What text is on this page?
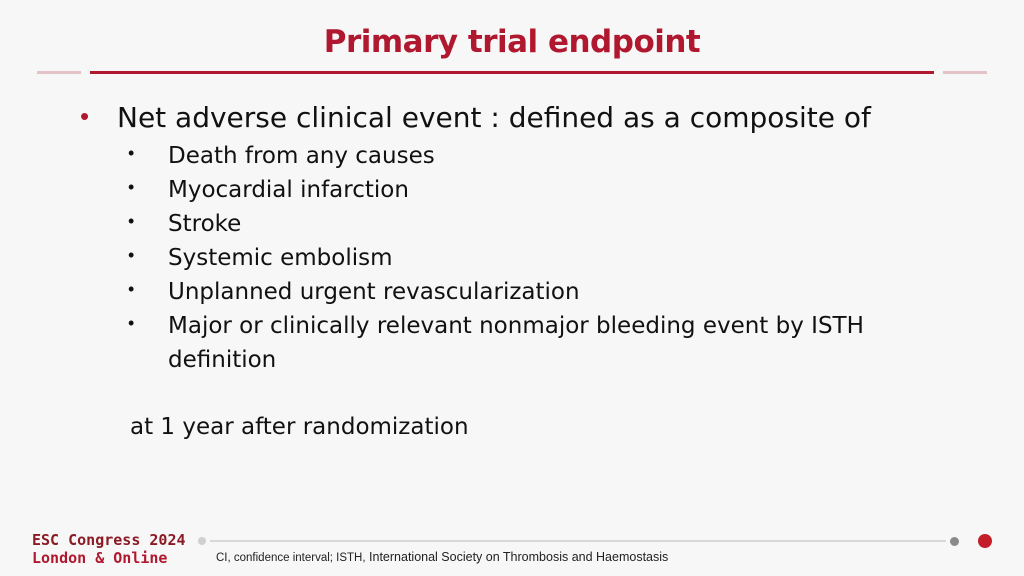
Primary trial endpoint
• Net adverse clinical event : defined as a composite of
• Death from any causes
• Myocardial infarction
• Stroke
• Systemic embolism
• Unplanned urgent revascularization
• Major or clinically relevant nonmajor bleeding event by ISTH
definition
at 1 year after randomization
ESC Congress 2024
London & Online	CI, confidence interval; ISTH, International Society on Thrombosis and Haemostasis
